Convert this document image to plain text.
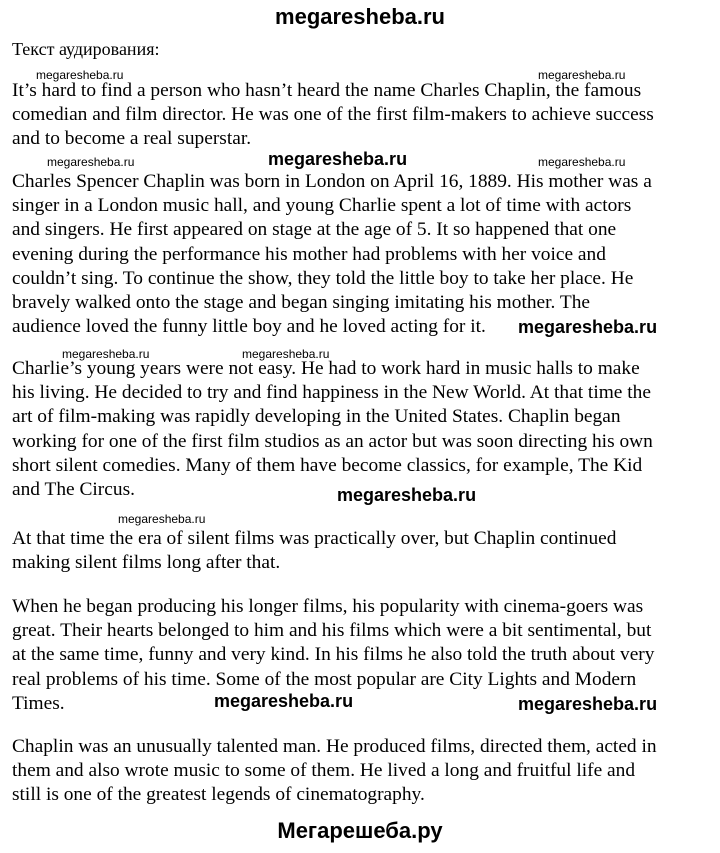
megaresheba.ru
Текст аудирования:
It’s hard to find a person who hasn’t heard the name Charles Chaplin, the famous
comedian and film director. He was one of the first film-makers to achieve success
and to become a real superstar.
Charles Spencer Chaplin was born in London on April 16, 1889. His mother was a
singer in a London music hall, and young Charlie spent a lot of time with actors
and singers. He first appeared on stage at the age of 5. It so happened that one
evening during the performance his mother had problems with her voice and
couldn’t sing. To continue the show, they told the little boy to take her place. He
bravely walked onto the stage and began singing imitating his mother. The
audience loved the funny little boy and he loved acting for it.
Charlie’s young years were not easy. He had to work hard in music halls to make
his living. He decided to try and find happiness in the New World. At that time the
art of film-making was rapidly developing in the United States. Chaplin began
working for one of the first film studios as an actor but was soon directing his own
short silent comedies. Many of them have become classics, for example, The Kid
and The Circus.
At that time the era of silent films was practically over, but Chaplin continued
making silent films long after that.
When he began producing his longer films, his popularity with cinema-goers was
great. Their hearts belonged to him and his films which were a bit sentimental, but
at the same time, funny and very kind. In his films he also told the truth about very
real problems of his time. Some of the most popular are City Lights and Modern
Times.
Chaplin was an unusually talented man. He produced films, directed them, acted in
them and also wrote music to some of them. He lived a long and fruitful life and
still is one of the greatest legends of cinematography.
megaresheba.ru	megaresheba.ru
megaresheba.ru	megaresheba.ru
megaresheba.ru	megaresheba.ru
megaresheba.ru
megaresheba.ru
megaresheba.ru
megaresheba.ru
megaresheba.ru	megaresheba.ru
Мегарешеба.ру
